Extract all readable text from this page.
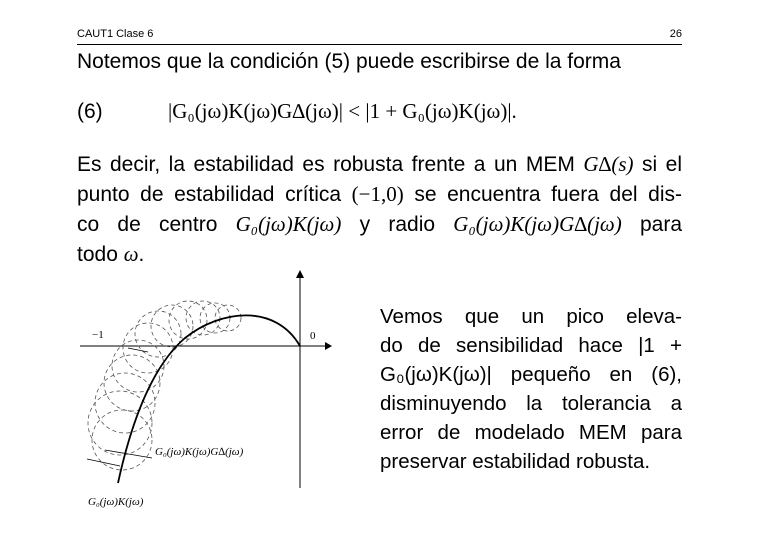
CAUT1 Clase 6	26
Notemos que la condición (5) puede escribirse de la forma
(6)	|G₀(jω)K(jω)G∆(jω)| < |1 + G₀(jω)K(jω)|.
Es decir, la estabilidad es robusta frente a un MEM G∆(s) si el
punto de estabilidad crítica (−1,0) se encuentra fuera del dis-
co de centro G₀(jω)K(jω) y radio G₀(jω)K(jω)G∆(jω) para
todo ω.
−1	0
G₀(jω)K(jω)G∆(jω)
G₀(jω)K(jω)
Vemos que un pico eleva-
do de sensibilidad hace |1 +
G₀(jω)K(jω)| pequeño en (6),
disminuyendo la tolerancia a
error de modelado MEM para
preservar estabilidad robusta.
